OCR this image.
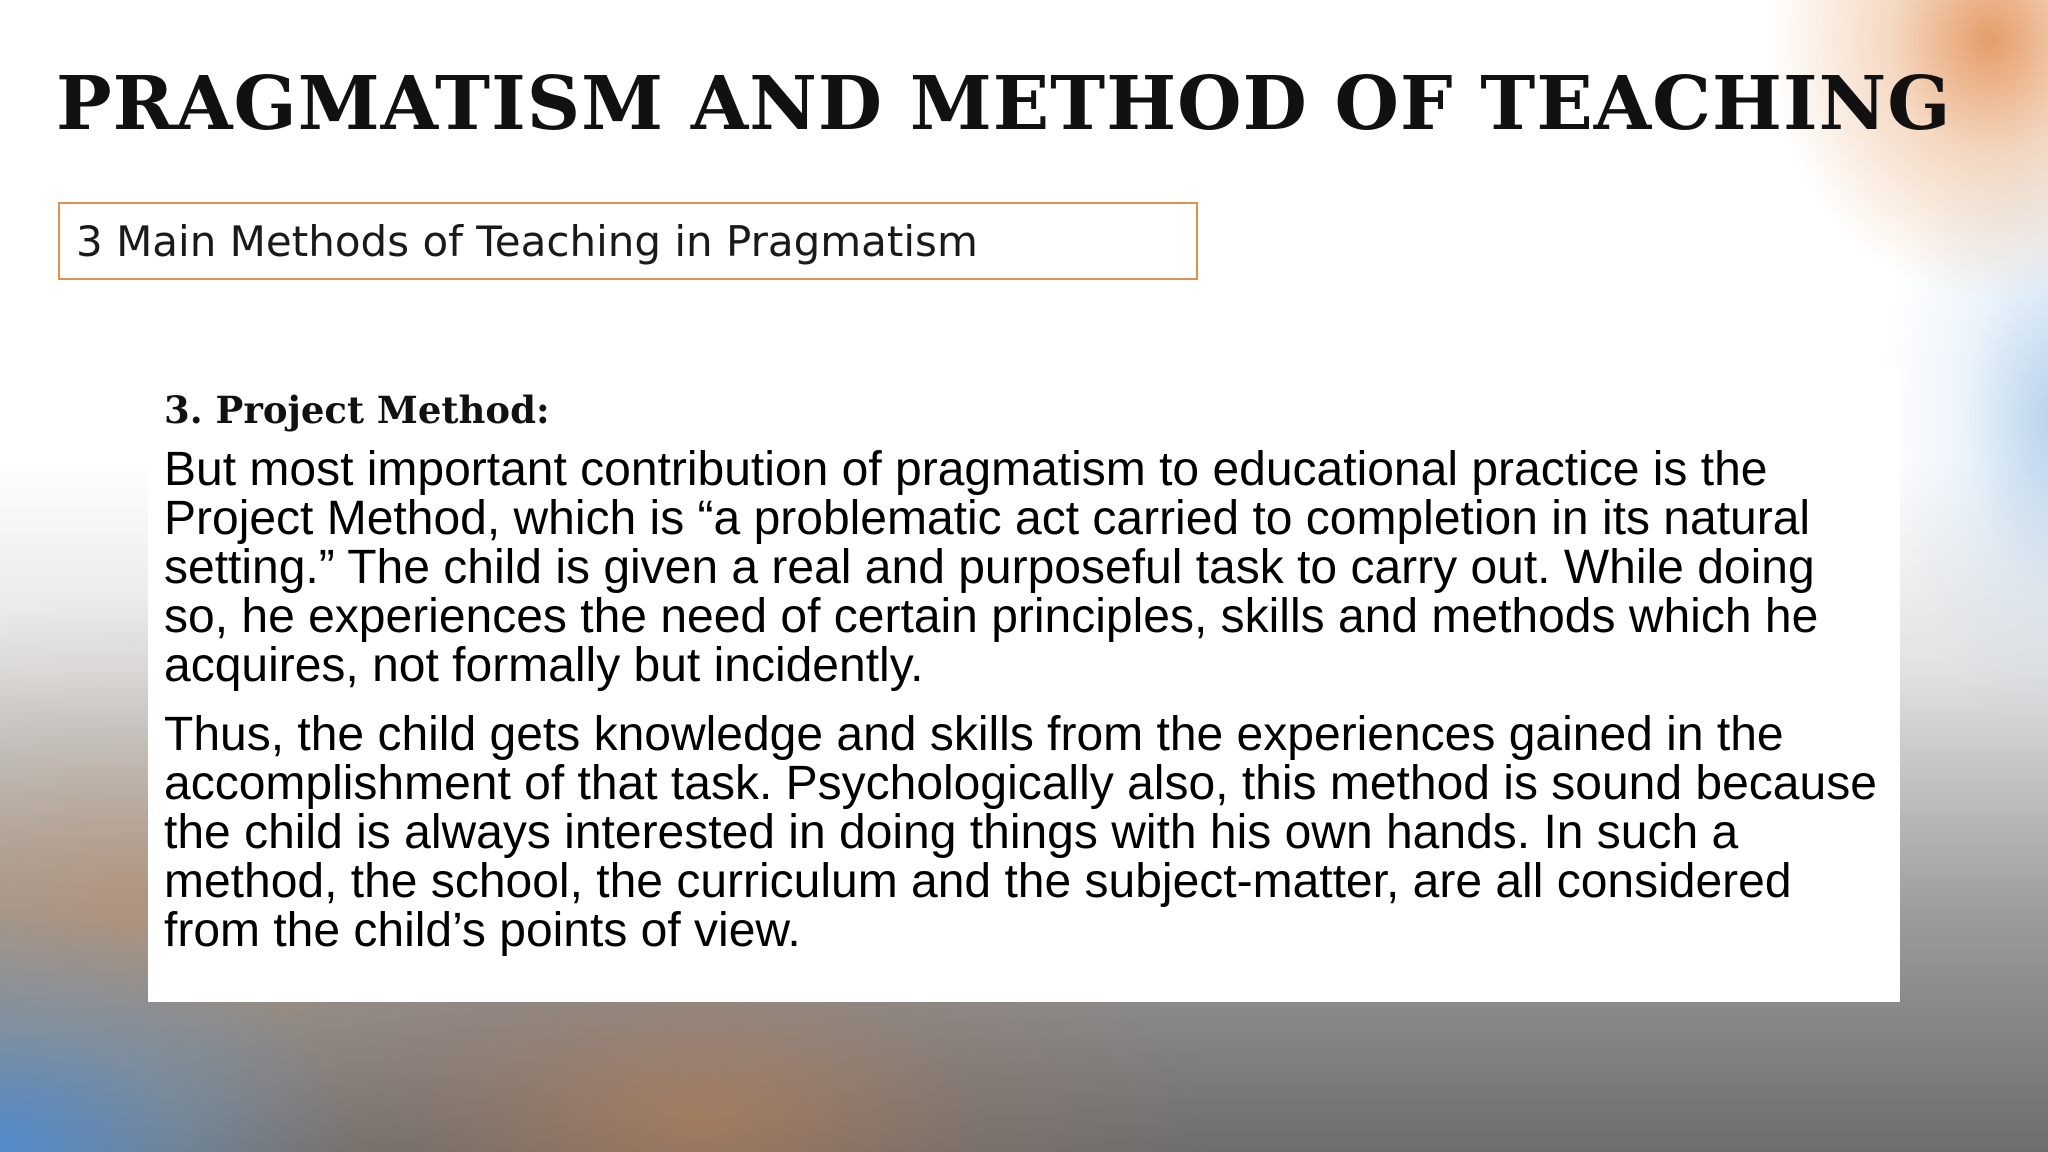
PRAGMATISM AND METHOD OF TEACHING
3 Main Methods of Teaching in Pragmatism
3. Project Method:

But most important contribution of pragmatism to educational practice is the Project Method, which is “a problematic act carried to completion in its natural setting.” The child is given a real and purposeful task to carry out. While doing so, he experiences the need of certain principles, skills and methods which he acquires, not formally but incidently.

Thus, the child gets knowledge and skills from the experiences gained in the accomplishment of that task. Psychologically also, this method is sound because the child is always interested in doing things with his own hands. In such a method, the school, the curriculum and the subject-matter, are all considered from the child’s points of view.
